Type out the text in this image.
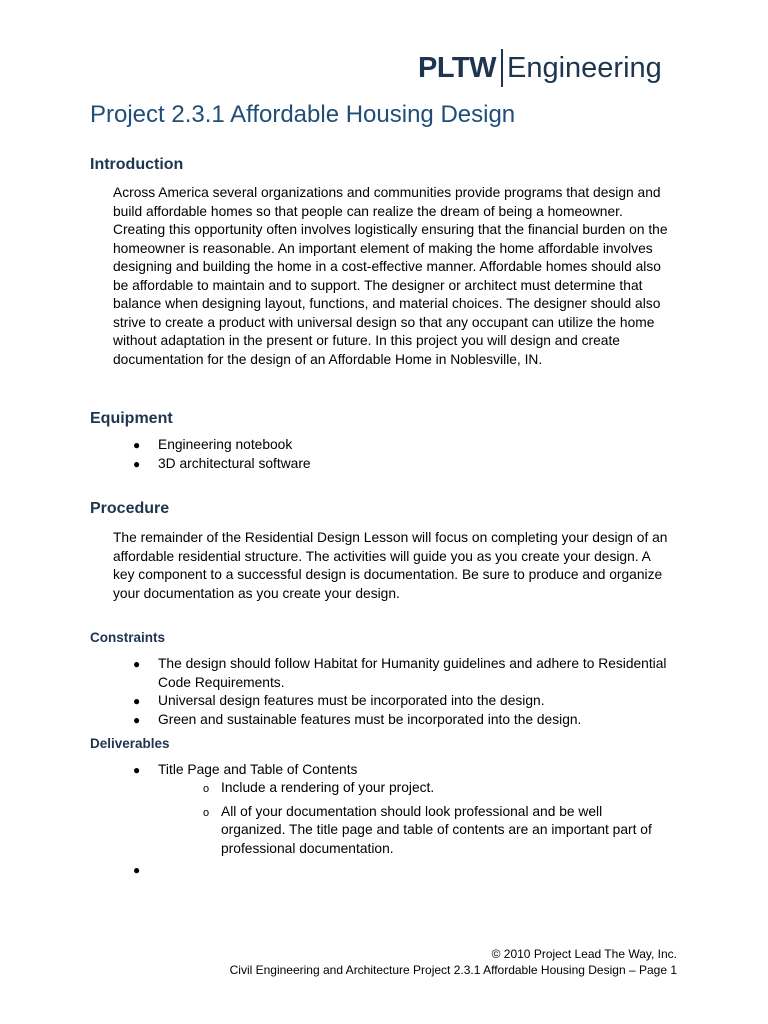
PLTW Engineering
Project 2.3.1 Affordable Housing Design
Introduction

Across America several organizations and communities provide programs that design and build affordable homes so that people can realize the dream of being a homeowner. Creating this opportunity often involves logistically ensuring that the financial burden on the homeowner is reasonable. An important element of making the home affordable involves designing and building the home in a cost-effective manner. Affordable homes should also be affordable to maintain and to support. The designer or architect must determine that balance when designing layout, functions, and material choices. The designer should also strive to create a product with universal design so that any occupant can utilize the home without adaptation in the present or future. In this project you will design and create documentation for the design of an Affordable Home in Noblesville, IN.

Equipment
● Engineering notebook
● 3D architectural software
Procedure

The remainder of the Residential Design Lesson will focus on completing your design of an affordable residential structure. The activities will guide you as you create your design. A key component to a successful design is documentation. Be sure to produce and organize your documentation as you create your design.

Constraints
● The design should follow Habitat for Humanity guidelines and adhere to Residential Code Requirements.
● Universal design features must be incorporated into the design.
● Green and sustainable features must be incorporated into the design.
Deliverables
● Title Page and Table of Contents
o Include a rendering of your project.
o All of your documentation should look professional and be well organized. The title page and table of contents are an important part of professional documentation.
●
© 2010 Project Lead The Way, Inc.
Civil Engineering and Architecture Project 2.3.1 Affordable Housing Design – Page 1
